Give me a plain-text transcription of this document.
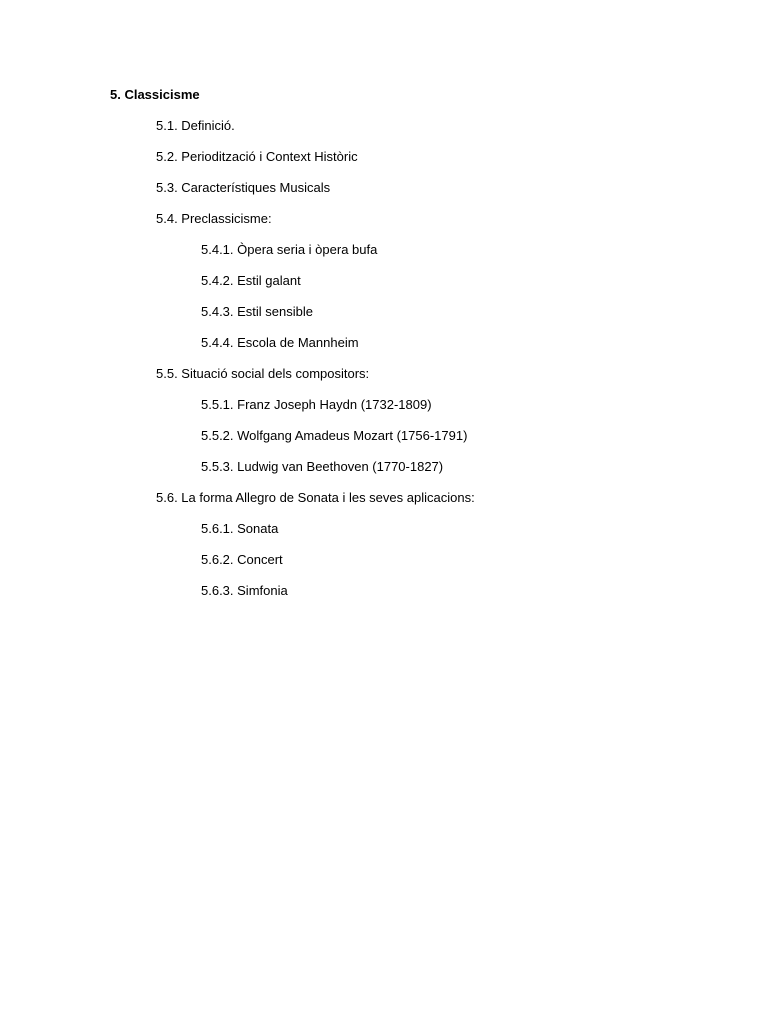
5. Classicisme
5.1. Definició.
5.2. Periodització i Context Històric
5.3. Característiques Musicals
5.4. Preclassicisme:
5.4.1. Òpera seria i òpera bufa
5.4.2. Estil galant
5.4.3. Estil sensible
5.4.4. Escola de Mannheim
5.5. Situació social dels compositors:
5.5.1. Franz Joseph Haydn (1732-1809)
5.5.2. Wolfgang Amadeus Mozart (1756-1791)
5.5.3. Ludwig van Beethoven (1770-1827)
5.6. La forma Allegro de Sonata i les seves aplicacions:
5.6.1. Sonata
5.6.2. Concert
5.6.3. Simfonia
